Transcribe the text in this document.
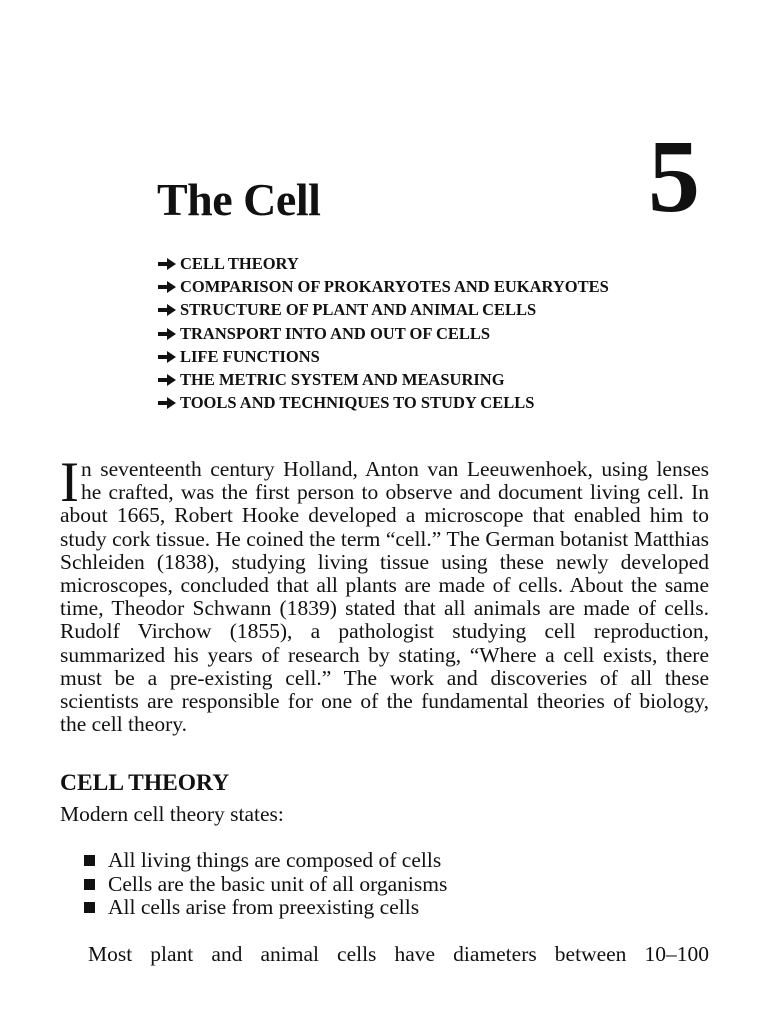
The Cell	5
CELL THEORY
COMPARISON OF PROKARYOTES AND EUKARYOTES
STRUCTURE OF PLANT AND ANIMAL CELLS
TRANSPORT INTO AND OUT OF CELLS
LIFE FUNCTIONS
THE METRIC SYSTEM AND MEASURING
TOOLS AND TECHNIQUES TO STUDY CELLS

In seventeenth century Holland, Anton van Leeuwenhoek, using lenses he crafted, was the first person to observe and document living cell. In about 1665, Robert Hooke developed a microscope that enabled him to study cork tissue. He coined the term “cell.” The German botanist Matthias Schleiden (1838), studying living tissue using these newly developed microscopes, concluded that all plants are made of cells. About the same time, Theodor Schwann (1839) stated that all animals are made of cells. Rudolf Virchow (1855), a pathologist studying cell reproduction, summarized his years of research by stating, “Where a cell exists, there must be a pre-existing cell.” The work and discoveries of all these scientists are responsible for one of the fundamental theories of biology, the cell theory.

CELL THEORY

Modern cell theory states:

All living things are composed of cells
Cells are the basic unit of all organisms
All cells arise from preexisting cells

Most plant and animal cells have diameters between 10–100
